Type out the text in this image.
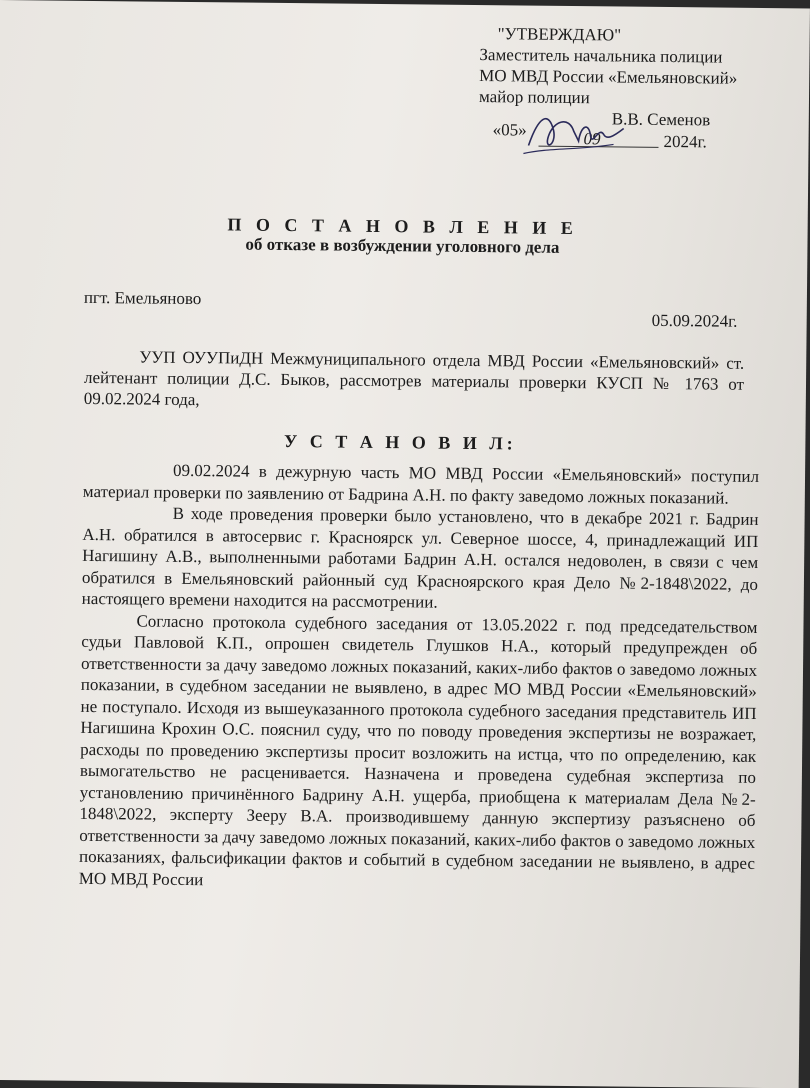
"УТВЕРЖДАЮ"
Заместитель начальника полиции
МО МВД России «Емельяновский»
майор полиции
«05»	09
В.В. Семенов
2024г.
П О С Т А Н О В Л Е Н И Е
об отказе в возбуждении уголовного дела
пгт. Емельяново
05.09.2024г.

УУП ОУУПиДН Межмуниципального отдела МВД России «Емельяновский» ст. лейтенант полиции Д.С. Быков, рассмотрев материалы проверки КУСП № 1763 от 09.02.2024 года,

У С Т А Н О В И Л:

09.02.2024 в дежурную часть МО МВД России «Емельяновский» поступил материал проверки по заявлению от Бадрина А.Н. по факту заведомо ложных показаний.

В ходе проведения проверки было установлено, что в декабре 2021 г. Бадрин А.Н. обратился в автосервис г. Красноярск ул. Северное шоссе, 4, принадлежащий ИП Нагишину А.В., выполненными работами Бадрин А.Н. остался недоволен, в связи с чем обратился в Емельяновский районный суд Красноярского края Дело №2-1848\2022, до настоящего времени находится на рассмотрении.

Согласно протокола судебного заседания от 13.05.2022 г. под председательством судьи Павловой К.П., опрошен свидетель Глушков Н.А., который предупрежден об ответственности за дачу заведомо ложных показаний, каких-либо фактов о заведомо ложных показании, в судебном заседании не выявлено, в адрес МО МВД России «Емельяновский» не поступало. Исходя из вышеуказанного протокола судебного заседания представитель ИП Нагишина Крохин О.С. пояснил суду, что по поводу проведения экспертизы не возражает, расходы по проведению экспертизы просит возложить на истца, что по определению, как вымогательство не расценивается. Назначена и проведена судебная экспертиза по установлению причинённого Бадрину А.Н. ущерба, приобщена к материалам Дела №2-1848\2022, эксперту Зееру В.А. производившему данную экспертизу разъяснено об ответственности за дачу заведомо ложных показаний, каких-либо фактов о заведомо ложных показаниях, фальсификации фактов и событий в судебном заседании не выявлено, в адрес МО МВД России
